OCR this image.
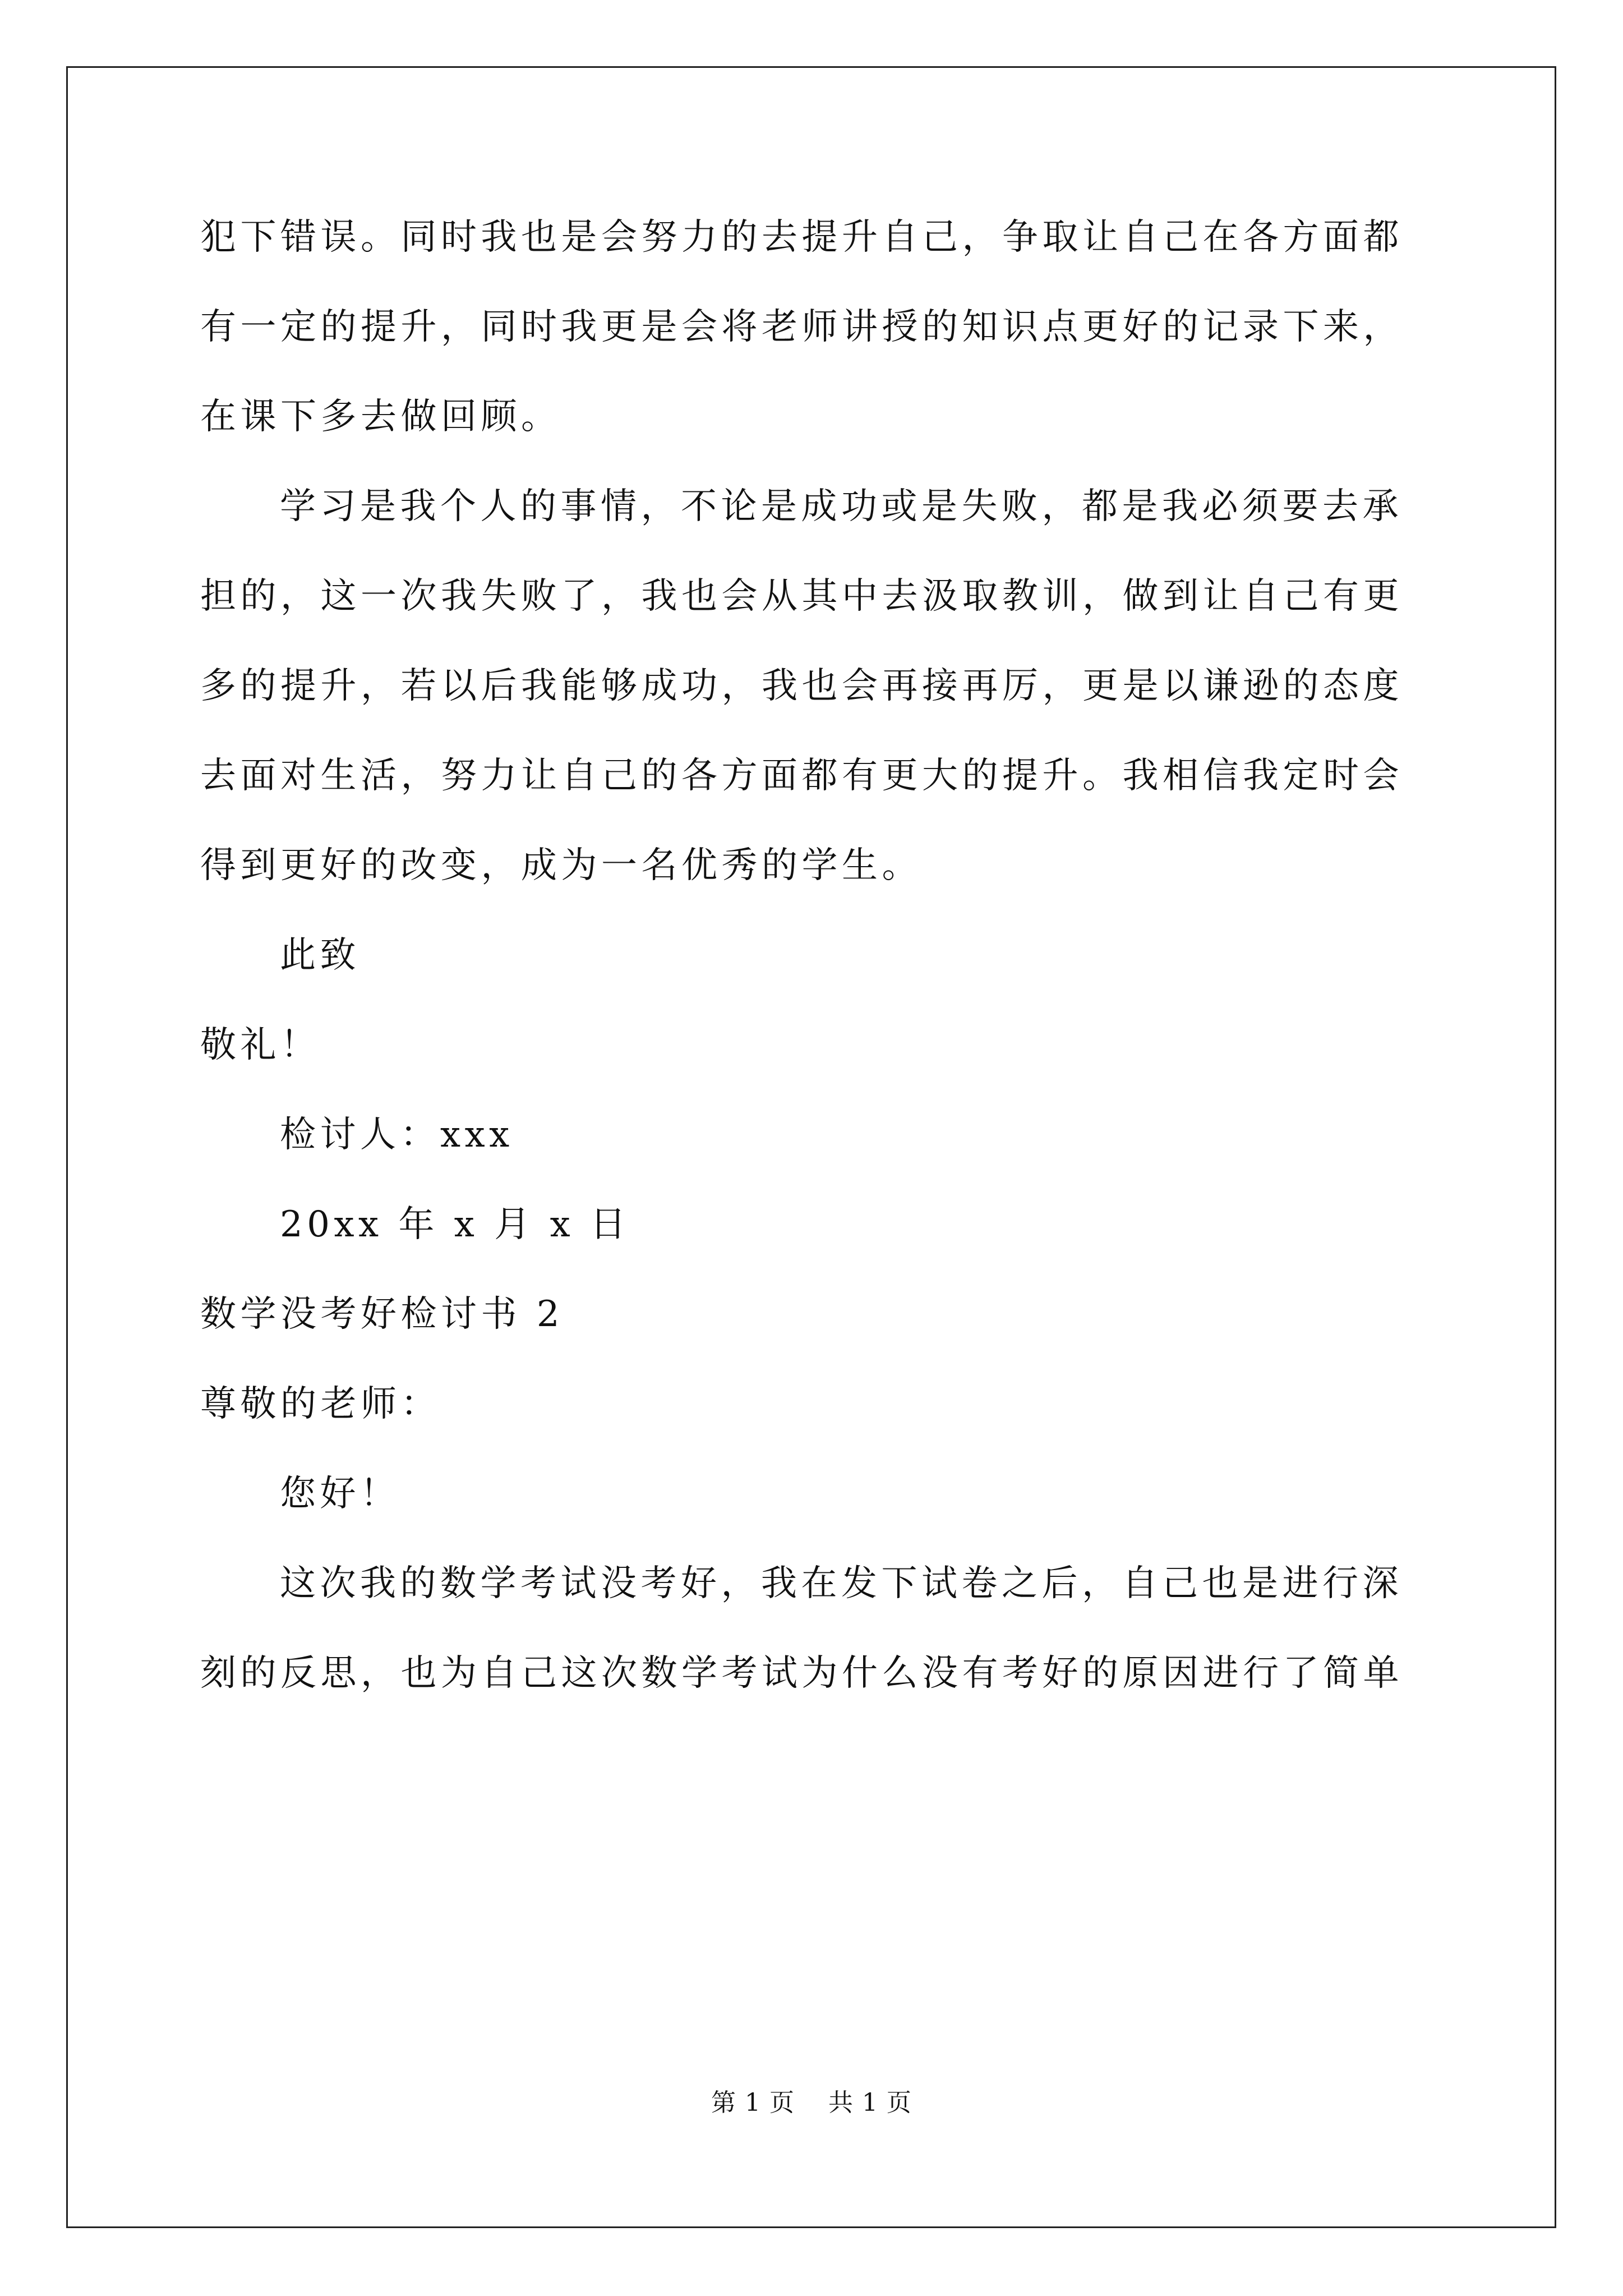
犯下错误。同时我也是会努力的去提升自己，争取让自己在各方面都
有一定的提升，同时我更是会将老师讲授的知识点更好的记录下来，
在课下多去做回顾。
学习是我个人的事情，不论是成功或是失败，都是我必须要去承
担的，这一次我失败了，我也会从其中去汲取教训，做到让自己有更
多的提升，若以后我能够成功，我也会再接再厉，更是以谦逊的态度
去面对生活，努力让自己的各方面都有更大的提升。我相信我定时会
得到更好的改变，成为一名优秀的学生。
此致
敬礼！
检讨人：xxx
20xx 年 x 月 x 日
数学没考好检讨书 2
尊敬的老师：
您好！
这次我的数学考试没考好，我在发下试卷之后，自己也是进行深
刻的反思，也为自己这次数学考试为什么没有考好的原因进行了简单
第 1 页 共 1 页
